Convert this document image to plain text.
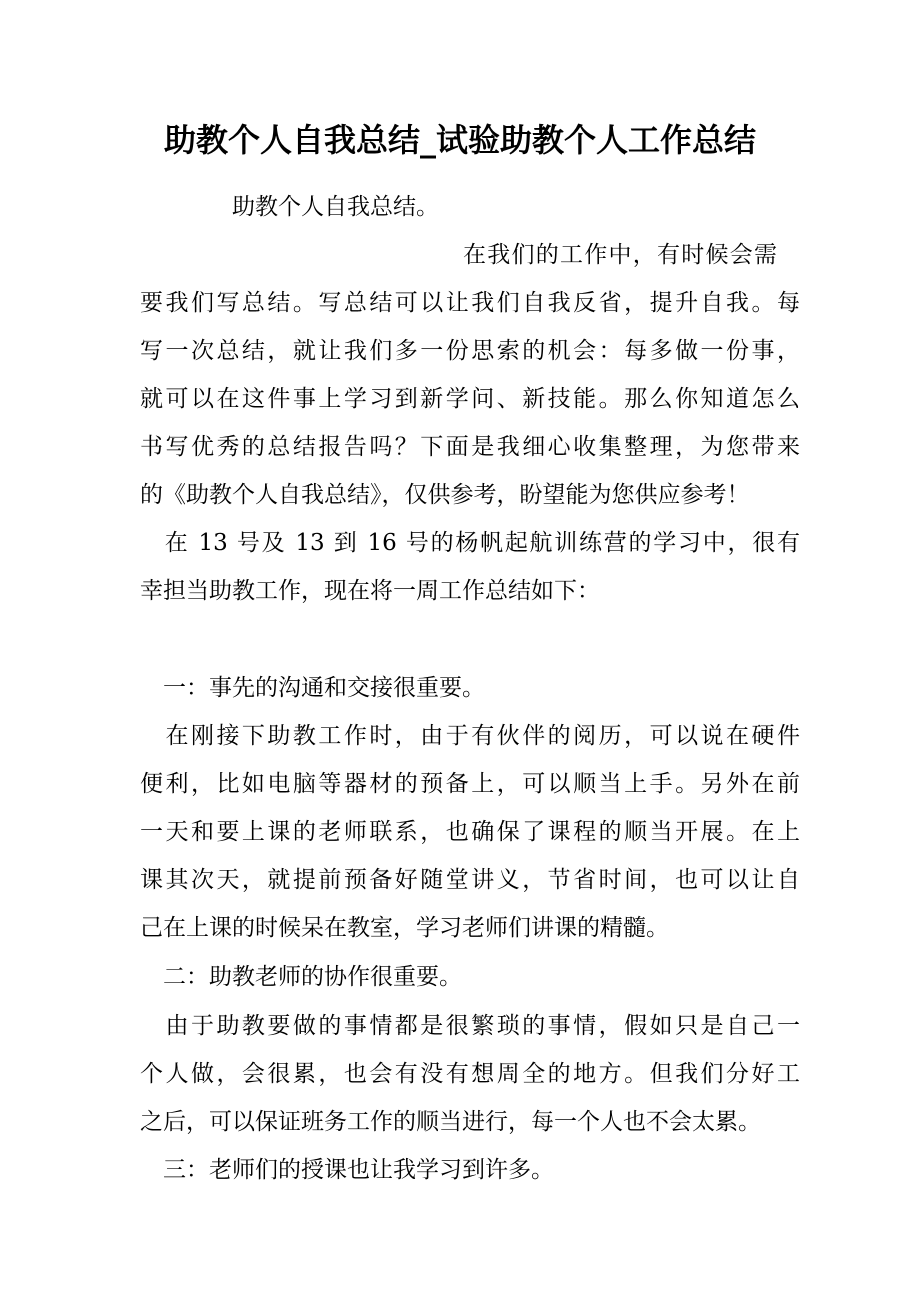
助教个人自我总结_试验助教个人工作总结
助教个人自我总结。
在我们的工作中，有时候会需
要我们写总结。写总结可以让我们自我反省，提升自我。每
写一次总结，就让我们多一份思索的机会：每多做一份事，
就可以在这件事上学习到新学问、新技能。那么你知道怎么
书写优秀的总结报告吗？下面是我细心收集整理，为您带来
的《助教个人自我总结》，仅供参考，盼望能为您供应参考！
　在 13 号及 13 到 16 号的杨帆起航训练营的学习中，很有
幸担当助教工作，现在将一周工作总结如下：
　一：事先的沟通和交接很重要。
　在刚接下助教工作时，由于有伙伴的阅历，可以说在硬件
便利，比如电脑等器材的预备上，可以顺当上手。另外在前
一天和要上课的老师联系，也确保了课程的顺当开展。在上
课其次天，就提前预备好随堂讲义，节省时间，也可以让自
己在上课的时候呆在教室，学习老师们讲课的精髓。
　二：助教老师的协作很重要。
　由于助教要做的事情都是很繁琐的事情，假如只是自己一
个人做，会很累，也会有没有想周全的地方。但我们分好工
之后，可以保证班务工作的顺当进行，每一个人也不会太累。
　三：老师们的授课也让我学习到许多。
